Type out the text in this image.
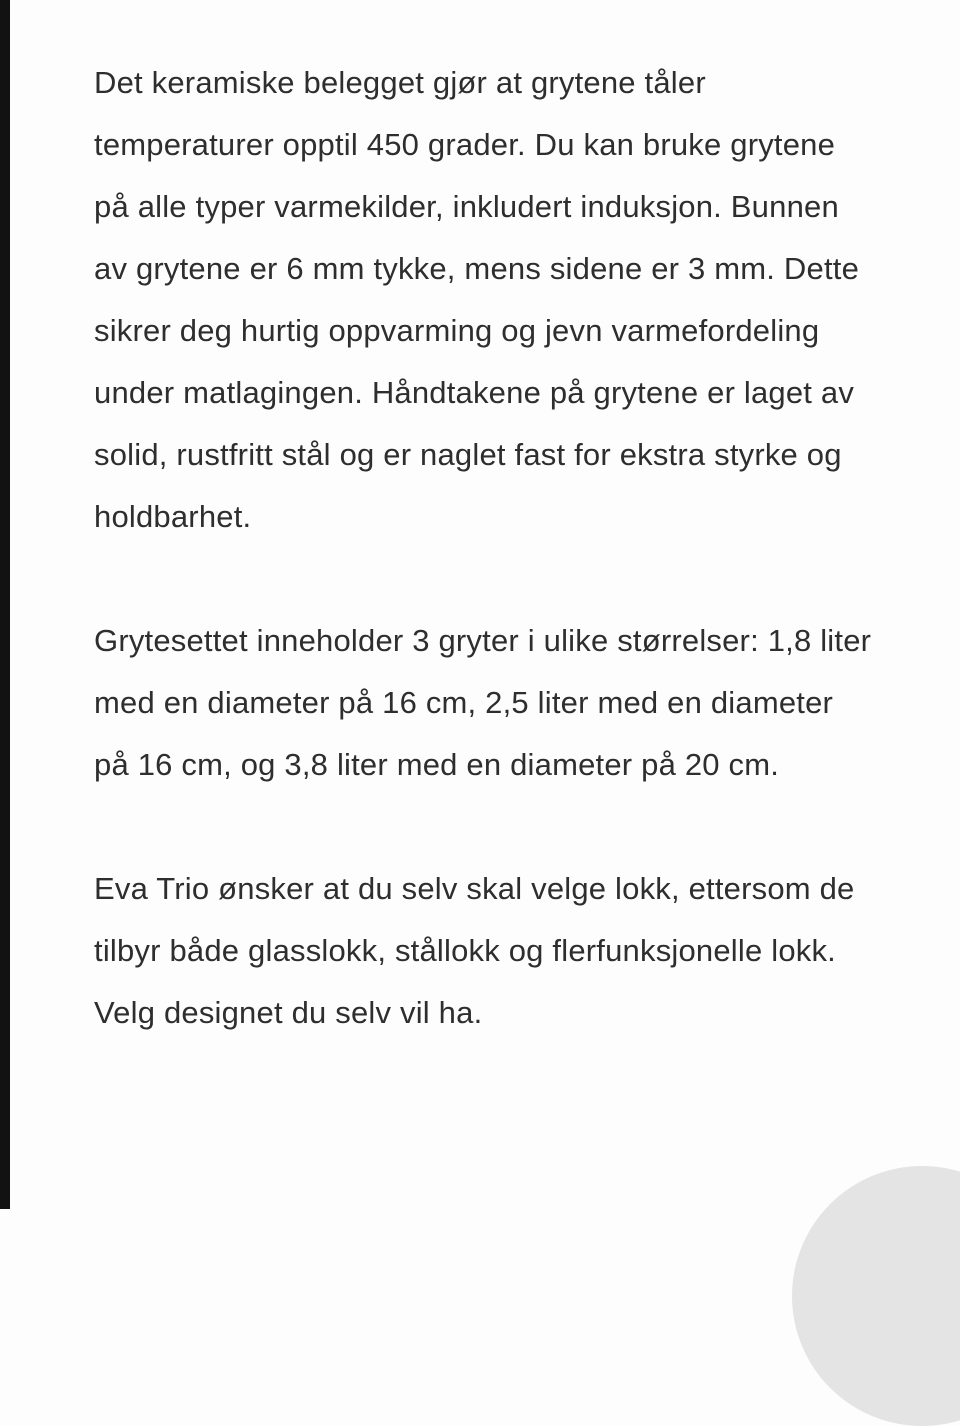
Det keramiske belegget gjør at grytene tåler temperaturer opptil 450 grader. Du kan bruke grytene på alle typer varmekilder, inkludert induksjon. Bunnen av grytene er 6 mm tykke, mens sidene er 3 mm. Dette sikrer deg hurtig oppvarming og jevn varmefordeling under matlagingen. Håndtakene på grytene er laget av solid, rustfritt stål og er naglet fast for ekstra styrke og holdbarhet.

Grytesettet inneholder 3 gryter i ulike størrelser: 1,8 liter med en diameter på 16 cm, 2,5 liter med en diameter på 16 cm, og 3,8 liter med en diameter på 20 cm.

Eva Trio ønsker at du selv skal velge lokk, ettersom de tilbyr både glasslokk, stållokk og flerfunksjonelle lokk. Velg designet du selv vil ha.
